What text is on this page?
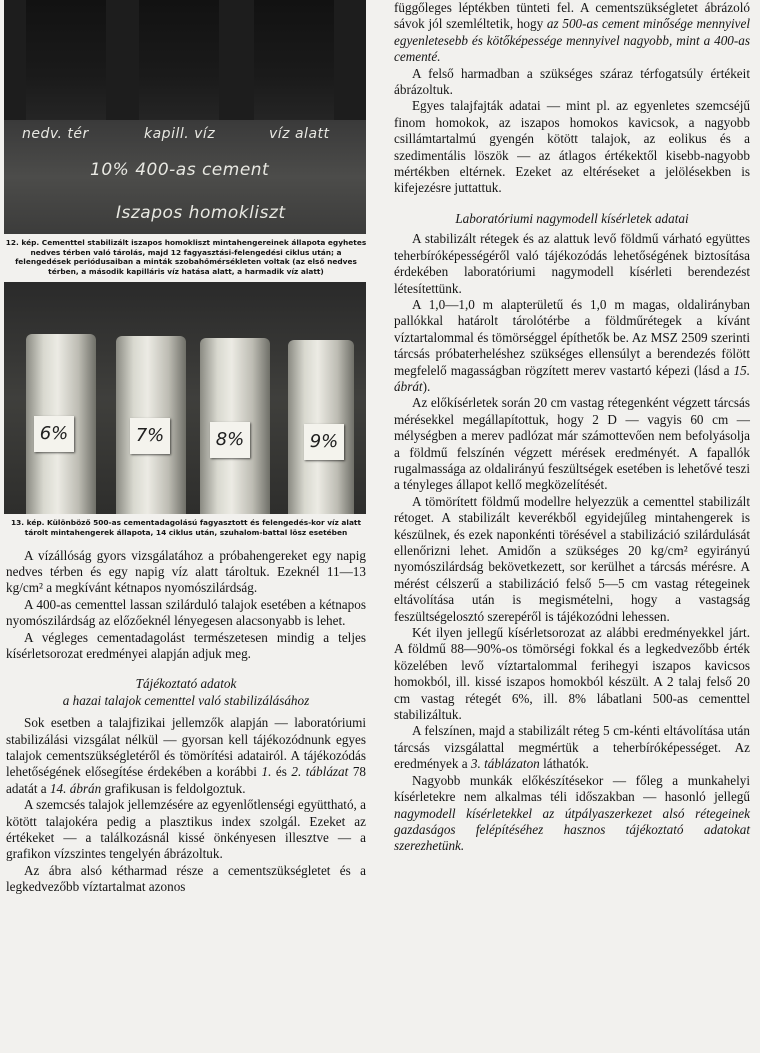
nedv. tér	kapill. víz	víz alatt
10% 400-as cement
Iszapos homokliszt
12. kép. Cementtel stabilizált iszapos homokliszt mintahengereinek állapota egyhetes nedves térben való tárolás, majd 12 fagyasztási-felengedési ciklus után; a felengedések periódusaiban a minták szobahőmérsékleten voltak (az első nedves térben, a második kapilláris víz hatása alatt, a harmadik víz alatt)
6%	7%	8%	9%
13. kép. Különböző 500-as cementadagolású fagyasztott és felengedés-kor víz alatt tárolt mintahengerek állapota, 14 ciklus után, szuhalom-battal lösz esetében

A vízállóság gyors vizsgálatához a próbahengereket egy napig nedves térben és egy napig víz alatt tároltuk. Ezeknél 11—13 kg/cm² a megkívánt kétnapos nyomószilárdság.

A 400-as cementtel lassan szilárduló talajok esetében a kétnapos nyomószilárdság az előzőeknél lényegesen alacsonyabb is lehet.

A végleges cementadagolást természetesen mindig a teljes kísérletsorozat eredményei alapján adjuk meg.

Tájékoztató adatok
a hazai talajok cementtel való stabilizálásához

Sok esetben a talajfizikai jellemzők alapján — laboratóriumi stabilizálási vizsgálat nélkül — gyorsan kell tájékozódnunk egyes talajok cementszükségletéről és tömörítési adatairól. A tájékozódás lehetőségének elősegítése érdekében a korábbi 1. és 2. táblázat 78 adatát a 14. ábrán grafikusan is feldolgoztuk.

A szemcsés talajok jellemzésére az egyenlőtlenségi együttható, a kötött talajokéra pedig a plasztikus index szolgál. Ezeket az értékeket — a találkozásnál kissé önkényesen illesztve — a grafikon vízszintes tengelyén ábrázoltuk.

Az ábra alsó kétharmad része a cementszükségletet és a legkedvezőbb víztartalmat azonos

függőleges léptékben tünteti fel. A cementszükségletet ábrázoló sávok jól szemléltetik, hogy az 500-as cement minősége mennyivel egyenletesebb és kötőképessége mennyivel nagyobb, mint a 400-as cementé.

A felső harmadban a szükséges száraz térfogatsúly értékeit ábrázoltuk.

Egyes talajfajták adatai — mint pl. az egyenletes szemcséjű finom homokok, az iszapos homokos kavicsok, a nagyobb csillámtartalmú gyengén kötött talajok, az eolikus és a szedimentális löszök — az átlagos értékektől kisebb-nagyobb mértékben eltérnek. Ezeket az eltéréseket a jelölésekben is kifejezésre juttattuk.

Laboratóriumi nagymodell kísérletek adatai

A stabilizált rétegek és az alattuk levő földmű várható együttes teherbíróképességéről való tájékozódás lehetőségének biztosítása érdekében laboratóriumi nagymodell kísérleti berendezést létesítettünk.

A 1,0—1,0 m alapterületű és 1,0 m magas, oldalirányban pallókkal határolt tárolótérbe a földműrétegek a kívánt víztartalommal és tömörséggel építhetők be. Az MSZ 2509 szerinti tárcsás próbaterheléshez szükséges ellensúlyt a berendezés fölött megfelelő magasságban rögzített merev vastartó képezi (lásd a 15. ábrát).

Az előkísérletek során 20 cm vastag rétegenként végzett tárcsás mérésekkel megállapítottuk, hogy 2 D — vagyis 60 cm — mélységben a merev padlózat már számottevően nem befolyásolja a földmű felszínén végzett mérések eredményét. A fapallók rugalmassága az oldalirányú feszültségek esetében is lehetővé teszi a tényleges állapot kellő megközelítését.

A tömörített földmű modellre helyezzük a cementtel stabilizált rétoget. A stabilizált keverékből egyidejűleg mintahengerek is készülnek, és ezek naponkénti törésével a stabilizáció szilárdulását ellenőrizni lehet. Amidőn a szükséges 20 kg/cm² egyirányú nyomószilárdság bekövetkezett, sor kerülhet a tárcsás mérésre. A mérést célszerű a stabilizáció felső 5—5 cm vastag rétegeinek eltávolítása után is megismételni, hogy a vastagság feszültségelosztó szerepéről is tájékozódni lehessen.

Két ilyen jellegű kísérletsorozat az alábbi eredményekkel járt. A földmű 88—90%-os tömörségi fokkal és a legkedvezőbb érték közelében levő víztartalommal ferihegyi iszapos kavicsos homokból, ill. kissé iszapos homokból készült. A 2 talaj felső 20 cm vastag rétegét 6%, ill. 8% lábatlani 500-as cementtel stabilizáltuk.

A felszínen, majd a stabilizált réteg 5 cm-kénti eltávolítása után tárcsás vizsgálattal megmértük a teherbíróképességet. Az eredmények a 3. táblázaton láthatók.

Nagyobb munkák előkészítésekor — főleg a munkahelyi kísérletekre nem alkalmas téli időszakban — hasonló jellegű nagymodell kísérletekkel az útpályaszerkezet alsó rétegeinek gazdaságos felépítéséhez hasznos tájékoztató adatokat szerezhetünk.
